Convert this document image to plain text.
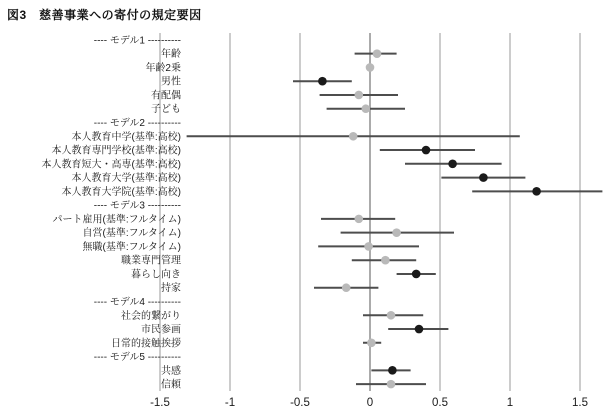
図3　慈善事業への寄付の規定要因
-1.5	-1	-0.5	0	0.5	1	1.5
---- モデル1 ----------
年齢
年齢2乗
男性
有配偶
子ども
---- モデル2 ----------
本人教育中学(基準:高校)
本人教育専門学校(基準:高校)
本人教育短大・高専(基準:高校)
本人教育大学(基準:高校)
本人教育大学院(基準:高校)
---- モデル3 ----------
パート雇用(基準:フルタイム)
自営(基準:フルタイム)
無職(基準:フルタイム)
職業専門管理
暮らし向き
持家
---- モデル4 ----------
社会的繋がり
市民参画
日常的接触挨拶
---- モデル5 ----------
共感
信頼
